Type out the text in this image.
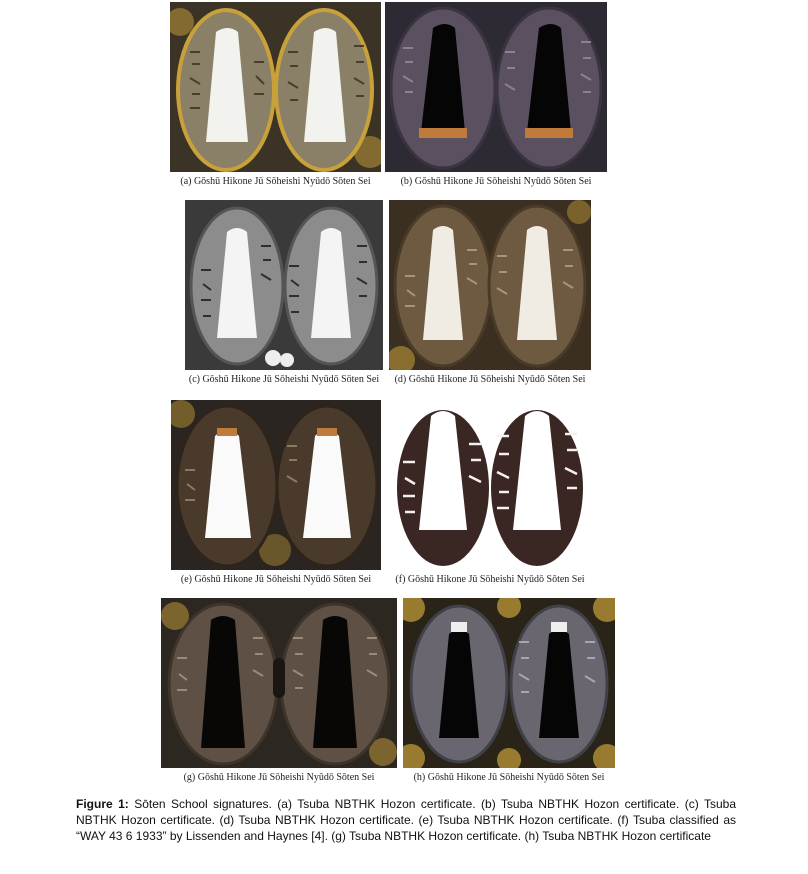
(a) Gōshū Hikone Jū Sōheishi Nyūdō Sōten Sei	(b) Gōshū Hikone Jū Sōheishi Nyūdō Sōten Sei
(c) Gōshū Hikone Jū Sōheishi Nyūdō Sōten Sei	(d) Gōshū Hikone Jū Sōheishi Nyūdō Sōten Sei
(e) Gōshū Hikone Jū Sōheishi Nyūdō Sōten Sei	(f) Gōshū Hikone Jū Sōheishi Nyūdō Sōten Sei
(g) Gōshū Hikone Jū Sōheishi Nyūdō Sōten Sei	(h) Gōshū Hikone Jū Sōheishi Nyūdō Sōten Sei
Figure 1: Sōten School signatures. (a) Tsuba NBTHK Hozon certificate. (b) Tsuba NBTHK Hozon certificate. (c) Tsuba NBTHK Hozon certificate. (d) Tsuba NBTHK Hozon certificate. (e) Tsuba NBTHK Hozon certificate. (f) Tsuba classified as “WAY 43 6 1933” by Lissenden and Haynes [4]. (g) Tsuba NBTHK Hozon certificate. (h) Tsuba NBTHK Hozon certificate
